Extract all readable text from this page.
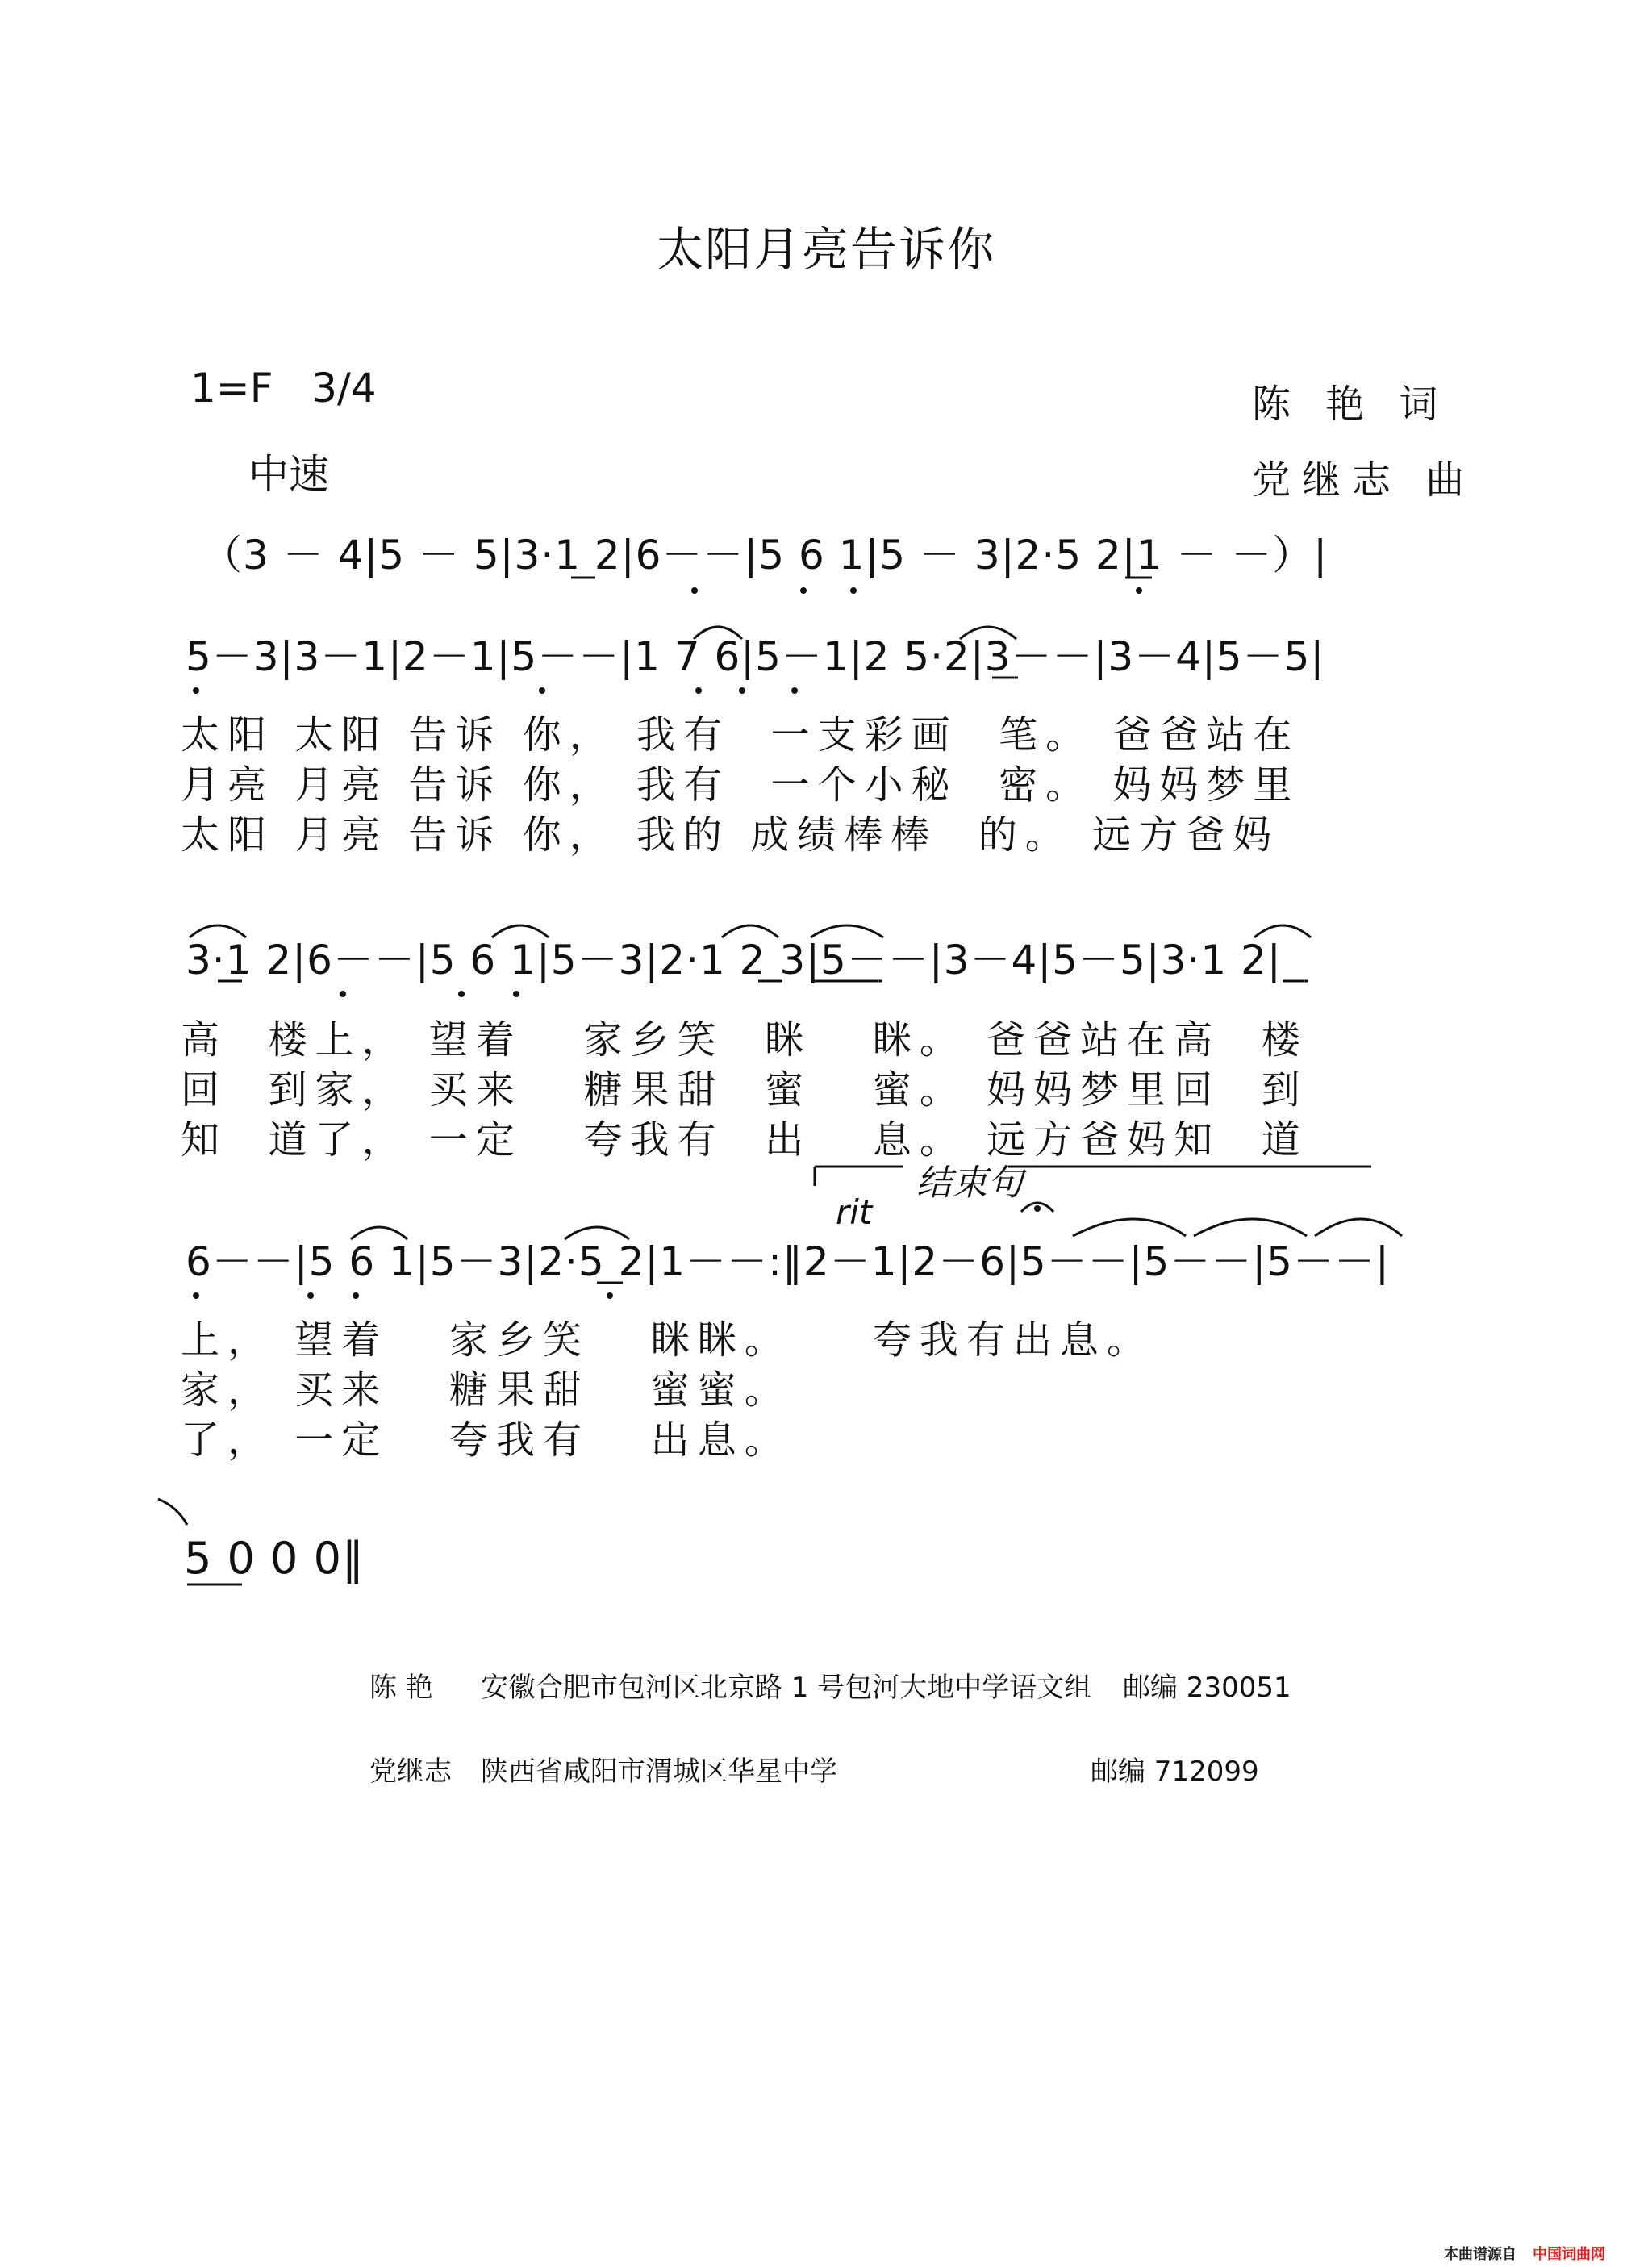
太阳月亮告诉你
1=F   3/4
中速
陈 艳 词
党继志 曲
（3 － 4|5 － 5|3·1 2|6－－|5 6 1|5 － 3|2·5 2|1 － －）|
5－3|3－1|2－1|5－－|1 7 6|5－1|2 5·2|3－－|3－4|5－5|
太阳 太阳 告诉 你， 我有  一支彩画  笔。 爸爸站在
月亮 月亮 告诉 你， 我有  一个小秘  密。 妈妈梦里
太阳 月亮 告诉 你， 我的 成绩棒棒  的。 远方爸妈
3·1 2|6－－|5 6 1|5－3|2·1 2 3|5－－|3－4|5－5|3·1 2|
高  楼上， 望着   家乡笑  眯   眯。 爸爸站在高  楼
回  到家， 买来   糖果甜  蜜   蜜。 妈妈梦里回  到
知  道了， 一定   夸我有  出   息。 远方爸妈知  道
结束句
rit
6－－|5 6 1|5－3|2·5 2|1－－:‖2－1|2－6|5－－|5－－|5－－|
上， 望着   家乡笑   眯眯。    夸我有出息。
家， 买来   糖果甜   蜜蜜。
了， 一定   夸我有   出息。
5 0 0 0‖
陈 艳 安徽合肥市包河区北京路 1 号包河大地中学语文组 邮编 230051
党继志 陕西省咸阳市渭城区华星中学	邮编 712099
本曲谱源自 中国词曲网
